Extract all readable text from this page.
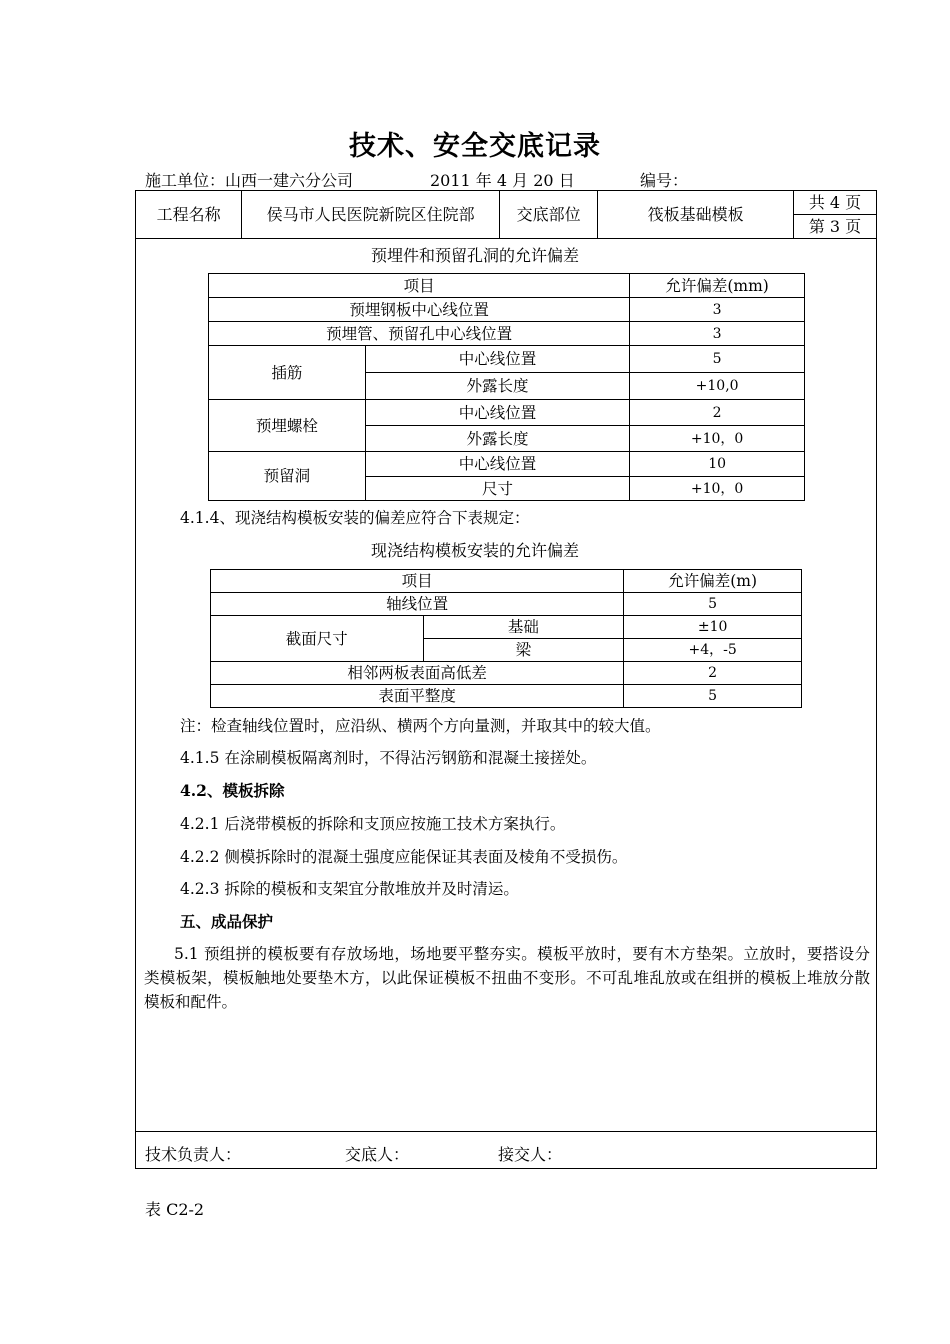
技术、安全交底记录
施工单位：山西一建六分公司	2011 年 4 月 20 日	编号：
工程名称	侯马市人民医院新院区住院部	交底部位	筏板基础模板	共 4 页
第 3 页
预埋件和预留孔洞的允许偏差
项目		允许偏差(mm)
预埋钢板中心线位置		3
预埋管、预留孔中心线位置		3
插筋	中心线位置	5
	外露长度	+10,0
预埋螺栓	中心线位置	2
	外露长度	+10，0
预留洞	中心线位置	10
	尺寸	+10，0
4.1.4、现浇结构模板安装的偏差应符合下表规定：
现浇结构模板安装的允许偏差
项目		允许偏差(m)
轴线位置		5
截面尺寸	基础	±10
	梁	+4，-5
相邻两板表面高低差		2
表面平整度		5
注：检查轴线位置时，应沿纵、横两个方向量测，并取其中的较大值。
4.1.5 在涂刷模板隔离剂时，不得沾污钢筋和混凝土接搓处。
4.2、模板拆除
4.2.1 后浇带模板的拆除和支顶应按施工技术方案执行。
4.2.2 侧模拆除时的混凝土强度应能保证其表面及棱角不受损伤。
4.2.3 拆除的模板和支架宜分散堆放并及时清运。
五、成品保护
5.1 预组拼的模板要有存放场地，场地要平整夯实。模板平放时，要有木方垫架。立放时，要搭设分类模板架，模板触地处要垫木方，以此保证模板不扭曲不变形。不可乱堆乱放或在组拼的模板上堆放分散模板和配件。
技术负责人：	交底人：	接交人：
表 C2-2
